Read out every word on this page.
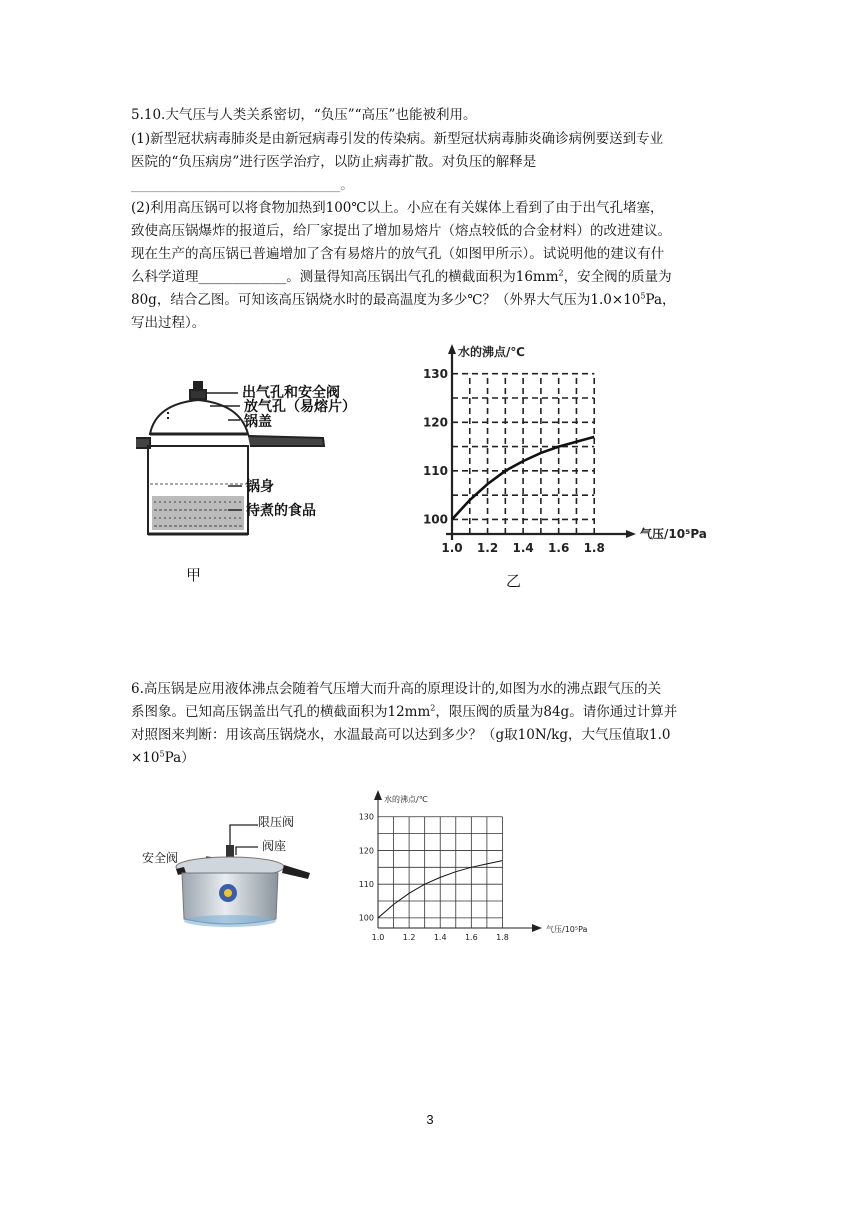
5.10.大气压与人类关系密切，“负压”“高压”也能被利用。
(1)新型冠状病毒肺炎是由新冠病毒引发的传染病。新型冠状病毒肺炎确诊病例要送到专业
医院的“负压病房”进行医学治疗，以防止病毒扩散。对负压的解释是
_______________________________。
(2)利用高压锅可以将食物加热到100℃以上。小应在有关媒体上看到了由于出气孔堵塞，
致使高压锅爆炸的报道后，给厂家提出了增加易熔片（熔点较低的合金材料）的改进建议。
现在生产的高压锅已普遍增加了含有易熔片的放气孔（如图甲所示）。试说明他的建议有什
么科学道理_____________。测量得知高压锅出气孔的横截面积为$16mm^2$，安全阀的质量为
80g，结合乙图。可知该高压锅烧水时的最高温度为多少℃？（外界大气压为$1.0\times 10^5Pa$，
写出过程）。
出气孔和安全阀
放气孔（易熔片）
锅盖
锅身
待煮的食品
甲
1.0 1.2 1.4 1.6 1.8
100
110
120
130
水的沸点/℃
气压/10⁵Pa
乙
6.高压锅是应用液体沸点会随着气压增大而升高的原理设计的,如图为水的沸点跟气压的关
系图象。已知高压锅盖出气孔的横截面积为$12mm^2$，限压阀的质量为84g。请你通过计算并
对照图来判断：用该高压锅烧水，水温最高可以达到多少？（g取10N/kg，大气压值取1.0
$\times 10^5Pa$）
限压阀
阀座
安全阀
1.0 1.2 1.4 1.6 1.8
100
110
120
130
水的沸点/℃
气压/10⁵Pa
3
